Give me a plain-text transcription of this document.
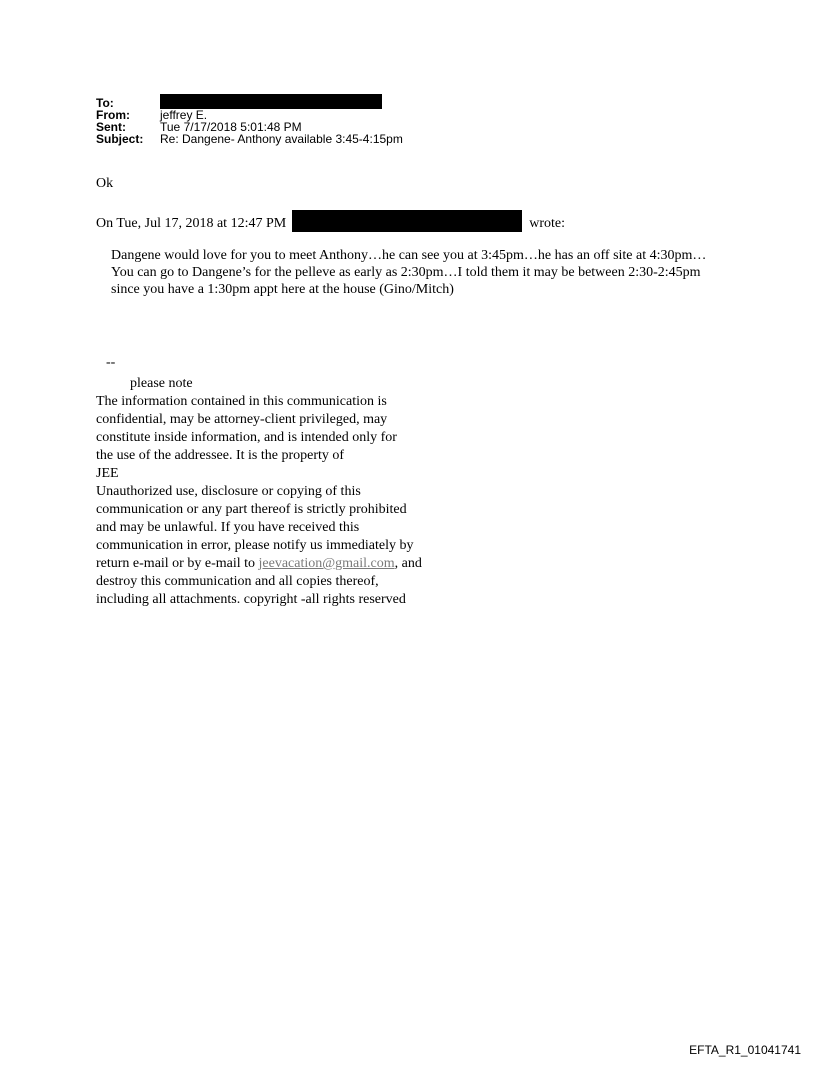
To:
From:	jeffrey E.
Sent:	Tue 7/17/2018 5:01:48 PM
Subject:	Re: Dangene- Anthony available 3:45-4:15pm

Ok

On Tue, Jul 17, 2018 at 12:47 PM	wrote:

Dangene would love for you to meet Anthony…he can see you at 3:45pm…he has an off site at 4:30pm…You can go to Dangene’s for the pelleve as early as 2:30pm…I told them it may be between 2:30-2:45pm since you have a 1:30pm appt here at the house (Gino/Mitch)

--

please note
The information contained in this communication is
confidential, may be attorney-client privileged, may
constitute inside information, and is intended only for
the use of the addressee. It is the property of
JEE
Unauthorized use, disclosure or copying of this
communication or any part thereof is strictly prohibited
and may be unlawful. If you have received this
communication in error, please notify us immediately by
return e-mail or by e-mail to jeevacation@gmail.com, and
destroy this communication and all copies thereof,
including all attachments. copyright -all rights reserved
EFTA_R1_01041741
